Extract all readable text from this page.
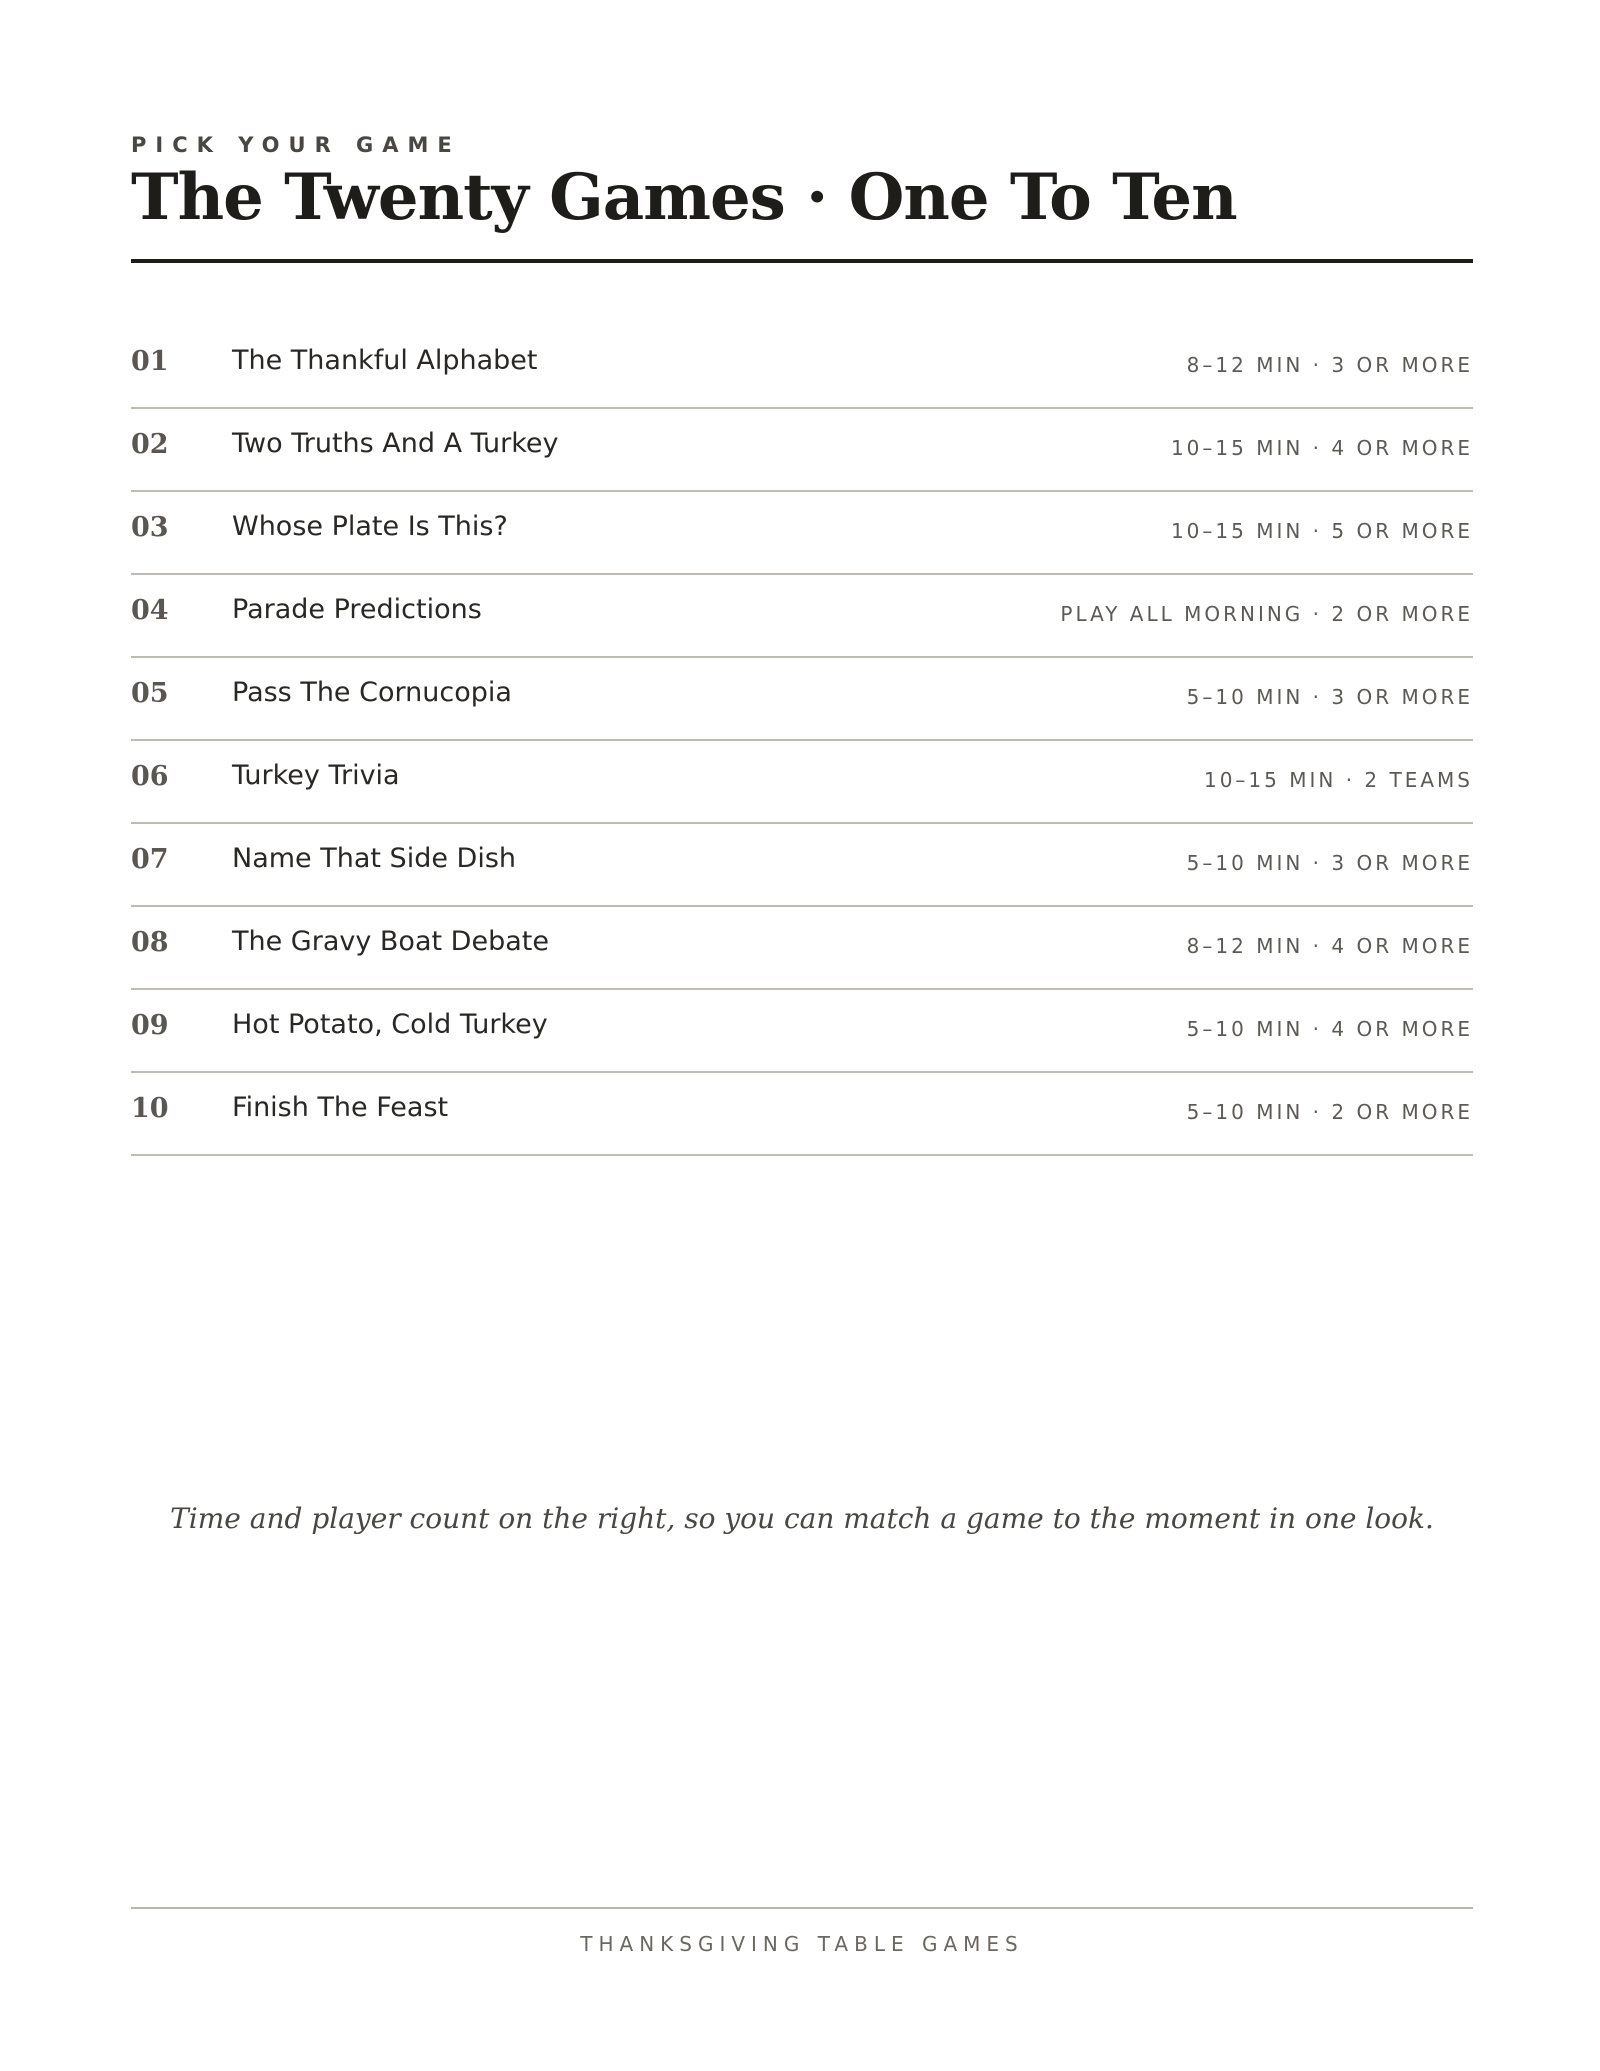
PICK YOUR GAME
The Twenty Games · One To Ten
01 The Thankful Alphabet	8–12 MIN · 3 OR MORE
02 Two Truths And A Turkey	10–15 MIN · 4 OR MORE
03 Whose Plate Is This?	10–15 MIN · 5 OR MORE
04 Parade Predictions	PLAY ALL MORNING · 2 OR MORE
05 Pass The Cornucopia	5–10 MIN · 3 OR MORE
06 Turkey Trivia	10–15 MIN · 2 TEAMS
07 Name That Side Dish	5–10 MIN · 3 OR MORE
08 The Gravy Boat Debate	8–12 MIN · 4 OR MORE
09 Hot Potato, Cold Turkey	5–10 MIN · 4 OR MORE
10 Finish The Feast	5–10 MIN · 2 OR MORE
Time and player count on the right, so you can match a game to the moment in one look.
THANKSGIVING TABLE GAMES
